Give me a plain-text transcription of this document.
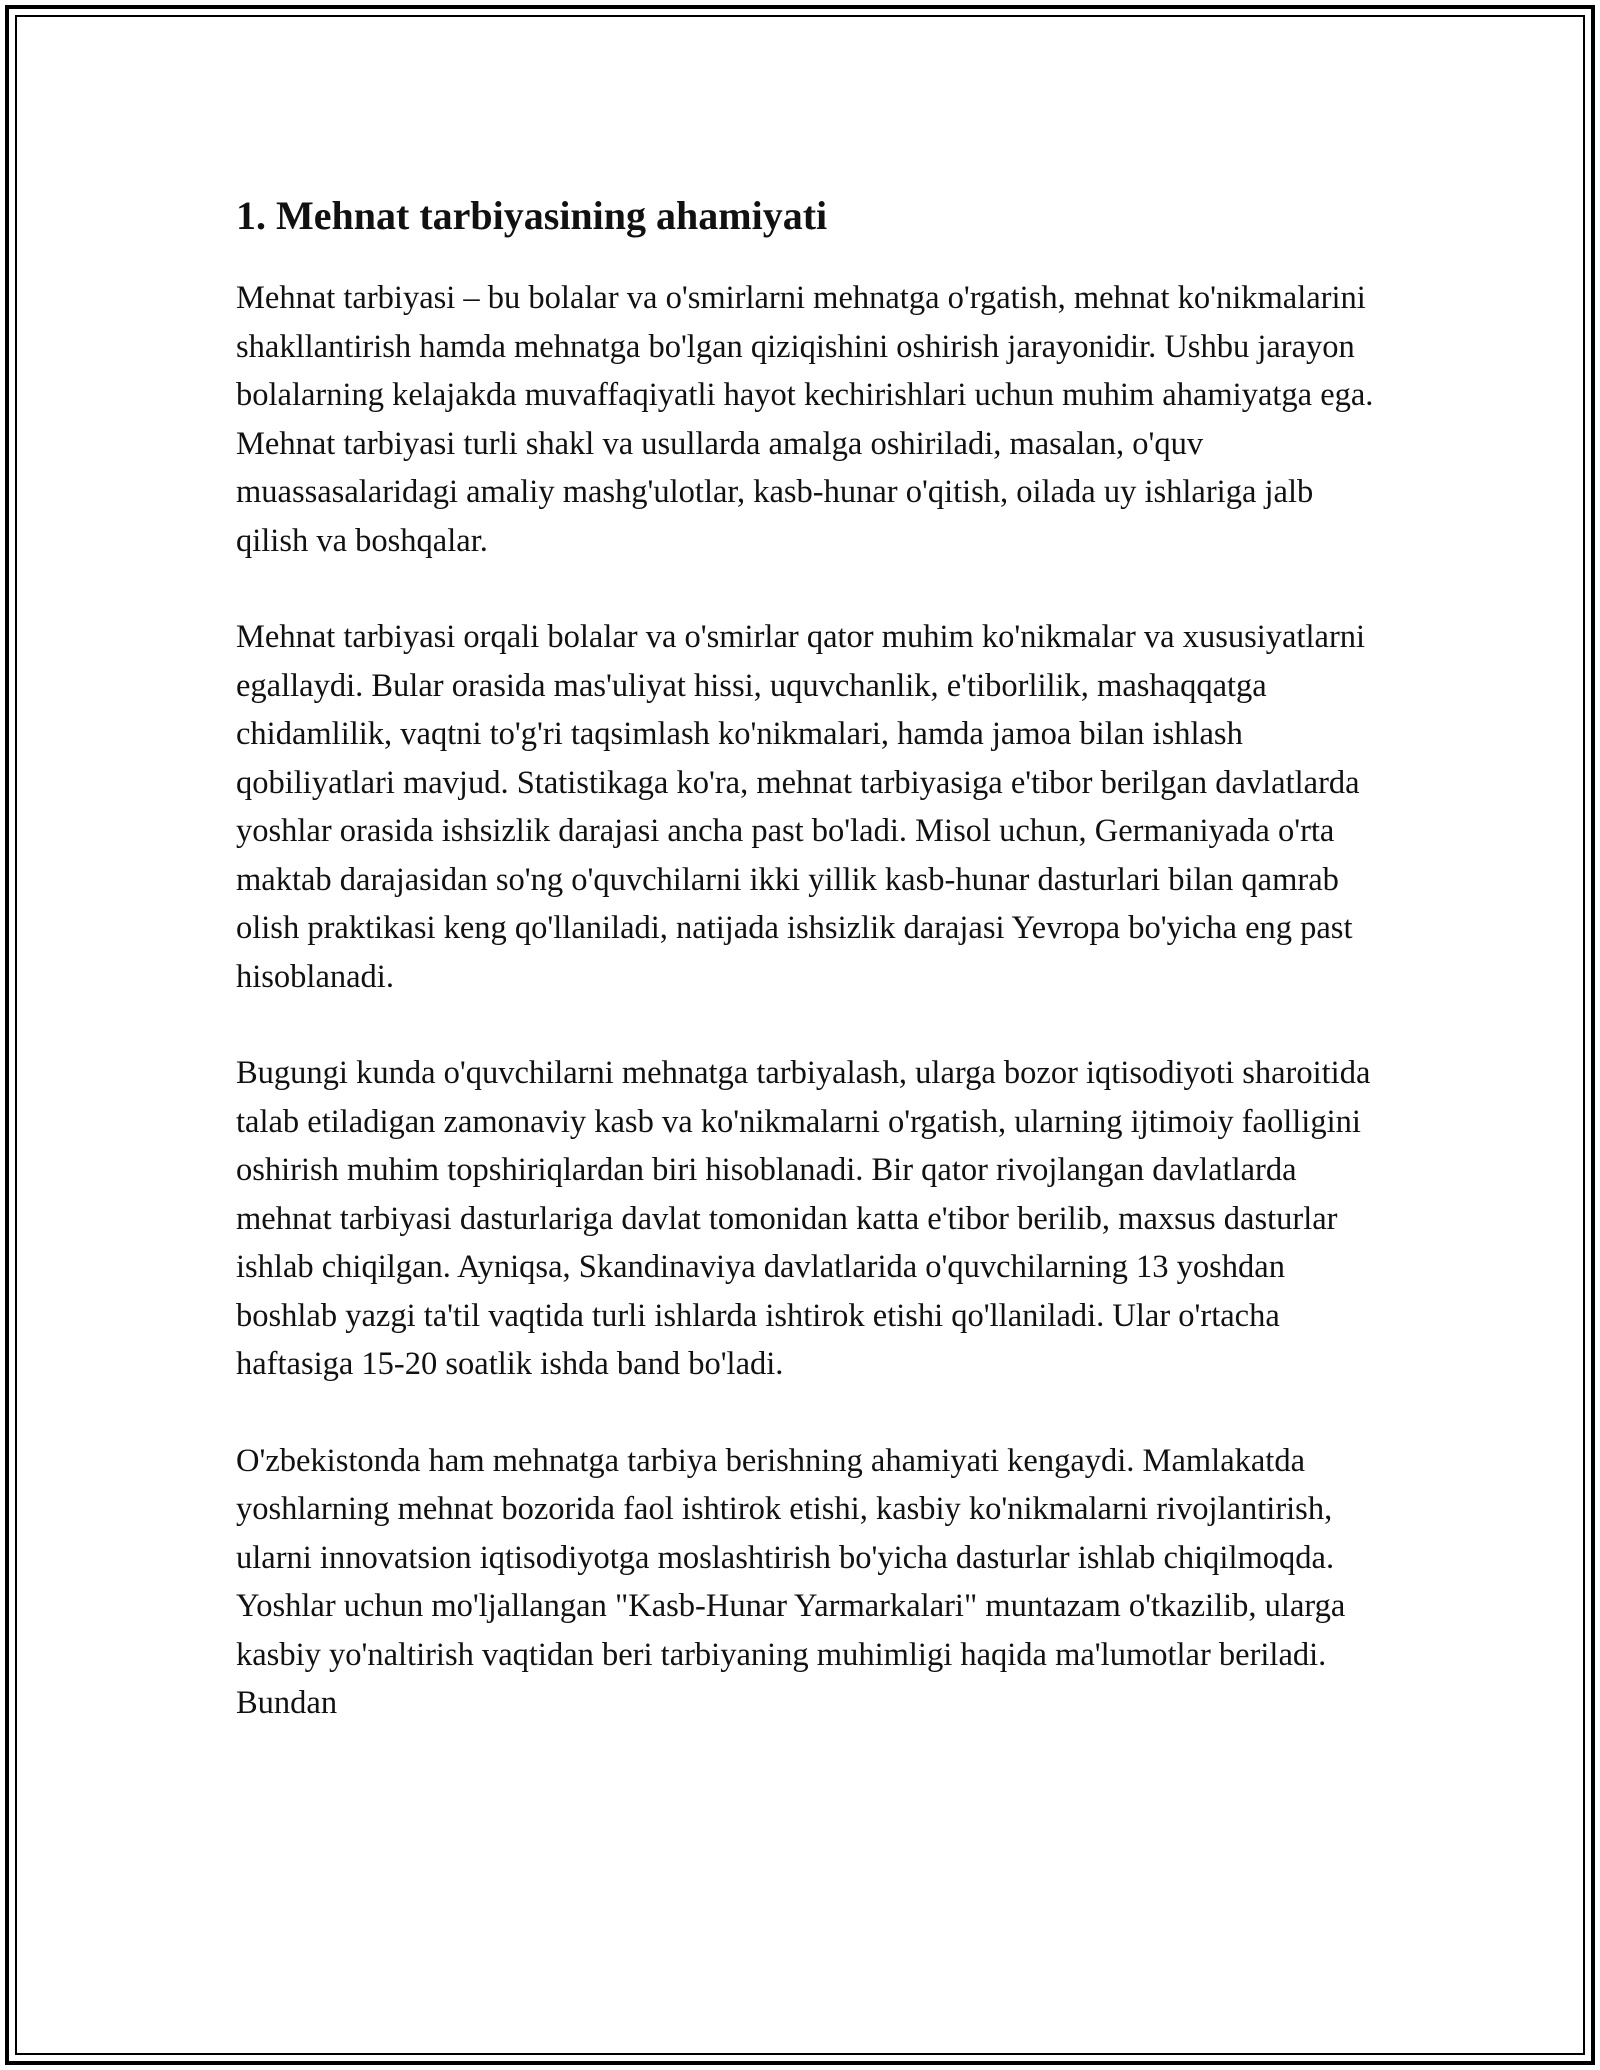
1. Mehnat tarbiyasining ahamiyati

Mehnat tarbiyasi – bu bolalar va o'smirlarni mehnatga o'rgatish, mehnat ko'nikmalarini shakllantirish hamda mehnatga bo'lgan qiziqishini oshirish jarayonidir. Ushbu jarayon bolalarning kelajakda muvaffaqiyatli hayot kechirishlari uchun muhim ahamiyatga ega. Mehnat tarbiyasi turli shakl va usullarda amalga oshiriladi, masalan, o'quv muassasalaridagi amaliy mashg'ulotlar, kasb-hunar o'qitish, oilada uy ishlariga jalb qilish va boshqalar.

Mehnat tarbiyasi orqali bolalar va o'smirlar qator muhim ko'nikmalar va xususiyatlarni egallaydi. Bular orasida mas'uliyat hissi, uquvchanlik, e'tiborlilik, mashaqqatga chidamlilik, vaqtni to'g'ri taqsimlash ko'nikmalari, hamda jamoa bilan ishlash qobiliyatlari mavjud. Statistikaga ko'ra, mehnat tarbiyasiga e'tibor berilgan davlatlarda yoshlar orasida ishsizlik darajasi ancha past bo'ladi. Misol uchun, Germaniyada o'rta maktab darajasidan so'ng o'quvchilarni ikki yillik kasb-hunar dasturlari bilan qamrab olish praktikasi keng qo'llaniladi, natijada ishsizlik darajasi Yevropa bo'yicha eng past hisoblanadi.

Bugungi kunda o'quvchilarni mehnatga tarbiyalash, ularga bozor iqtisodiyoti sharoitida talab etiladigan zamonaviy kasb va ko'nikmalarni o'rgatish, ularning ijtimoiy faolligini oshirish muhim topshiriqlardan biri hisoblanadi. Bir qator rivojlangan davlatlarda mehnat tarbiyasi dasturlariga davlat tomonidan katta e'tibor berilib, maxsus dasturlar ishlab chiqilgan. Ayniqsa, Skandinaviya davlatlarida o'quvchilarning 13 yoshdan boshlab yazgi ta'til vaqtida turli ishlarda ishtirok etishi qo'llaniladi. Ular o'rtacha haftasiga 15-20 soatlik ishda band bo'ladi.

O'zbekistonda ham mehnatga tarbiya berishning ahamiyati kengaydi. Mamlakatda yoshlarning mehnat bozorida faol ishtirok etishi, kasbiy ko'nikmalarni rivojlantirish, ularni innovatsion iqtisodiyotga moslashtirish bo'yicha dasturlar ishlab chiqilmoqda. Yoshlar uchun mo'ljallangan "Kasb-Hunar Yarmarkalari" muntazam o'tkazilib, ularga kasbiy yo'naltirish vaqtidan beri tarbiyaning muhimligi haqida ma'lumotlar beriladi. Bundan
